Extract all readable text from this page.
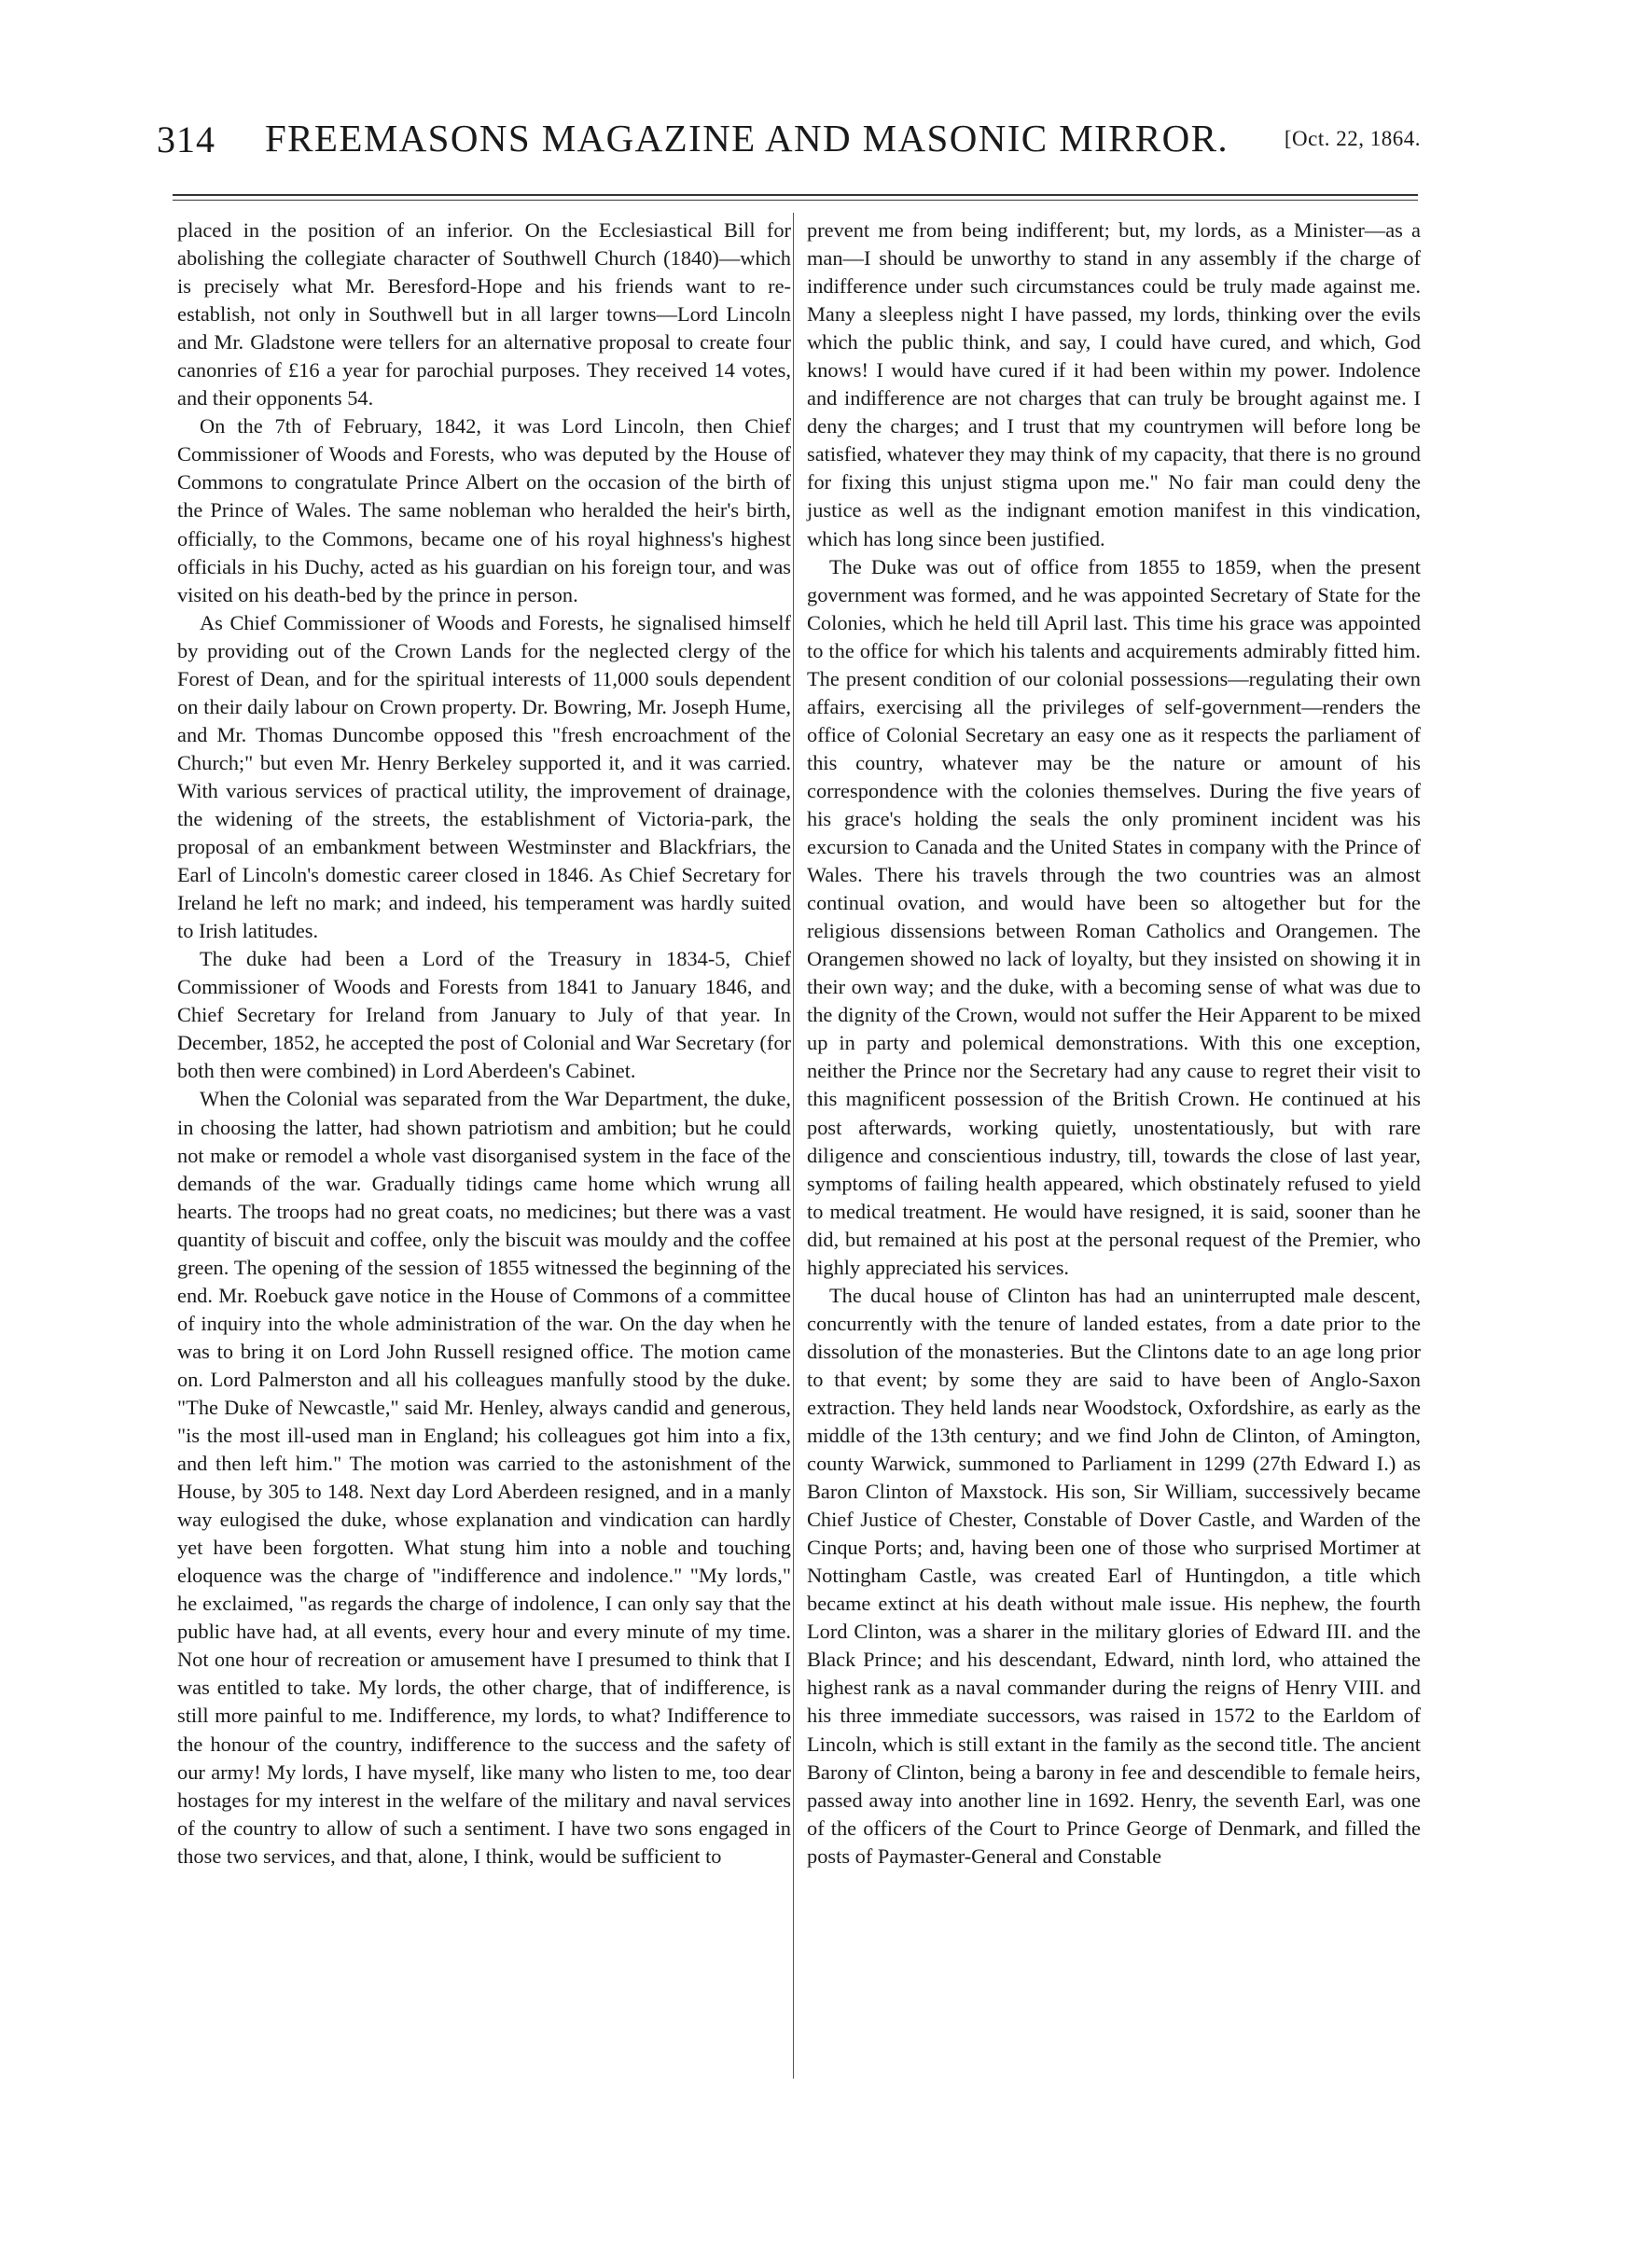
314	FREEMASONS MAGAZINE AND MASONIC MIRROR.	[Oct. 22, 1864.

placed in the position of an inferior. On the Ecclesiastical Bill for abolishing the collegiate character of Southwell Church (1840)—which is precisely what Mr. Beresford-Hope and his friends want to re-establish, not only in Southwell but in all larger towns—Lord Lincoln and Mr. Gladstone were tellers for an alternative proposal to create four canonries of £16 a year for parochial purposes. They received 14 votes, and their opponents 54.

On the 7th of February, 1842, it was Lord Lincoln, then Chief Commissioner of Woods and Forests, who was deputed by the House of Commons to congratulate Prince Albert on the occasion of the birth of the Prince of Wales. The same nobleman who heralded the heir's birth, officially, to the Commons, became one of his royal highness's highest officials in his Duchy, acted as his guardian on his foreign tour, and was visited on his death-bed by the prince in person.

As Chief Commissioner of Woods and Forests, he signalised himself by providing out of the Crown Lands for the neglected clergy of the Forest of Dean, and for the spiritual interests of 11,000 souls dependent on their daily labour on Crown property. Dr. Bowring, Mr. Joseph Hume, and Mr. Thomas Duncombe opposed this "fresh encroachment of the Church;" but even Mr. Henry Berkeley supported it, and it was carried. With various services of practical utility, the improvement of drainage, the widening of the streets, the establishment of Victoria-park, the proposal of an embankment between Westminster and Blackfriars, the Earl of Lincoln's domestic career closed in 1846. As Chief Secretary for Ireland he left no mark; and indeed, his temperament was hardly suited to Irish latitudes.

The duke had been a Lord of the Treasury in 1834-5, Chief Commissioner of Woods and Forests from 1841 to January 1846, and Chief Secretary for Ireland from January to July of that year. In December, 1852, he accepted the post of Colonial and War Secretary (for both then were combined) in Lord Aberdeen's Cabinet.

When the Colonial was separated from the War Department, the duke, in choosing the latter, had shown patriotism and ambition; but he could not make or remodel a whole vast disorganised system in the face of the demands of the war. Gradually tidings came home which wrung all hearts. The troops had no great coats, no medicines; but there was a vast quantity of biscuit and coffee, only the biscuit was mouldy and the coffee green. The opening of the session of 1855 witnessed the beginning of the end. Mr. Roebuck gave notice in the House of Commons of a committee of inquiry into the whole administration of the war. On the day when he was to bring it on Lord John Russell resigned office. The motion came on. Lord Palmerston and all his colleagues manfully stood by the duke. "The Duke of Newcastle," said Mr. Henley, always candid and generous, "is the most ill-used man in England; his colleagues got him into a fix, and then left him." The motion was carried to the astonishment of the House, by 305 to 148. Next day Lord Aberdeen resigned, and in a manly way eulogised the duke, whose explanation and vindication can hardly yet have been forgotten. What stung him into a noble and touching eloquence was the charge of "indifference and indolence." "My lords," he exclaimed, "as regards the charge of indolence, I can only say that the public have had, at all events, every hour and every minute of my time. Not one hour of recreation or amusement have I presumed to think that I was entitled to take. My lords, the other charge, that of indifference, is still more painful to me. Indifference, my lords, to what? Indifference to the honour of the country, indifference to the success and the safety of our army! My lords, I have myself, like many who listen to me, too dear hostages for my interest in the welfare of the military and naval services of the country to allow of such a sentiment. I have two sons engaged in those two services, and that, alone, I think, would be sufficient to

prevent me from being indifferent; but, my lords, as a Minister—as a man—I should be unworthy to stand in any assembly if the charge of indifference under such circumstances could be truly made against me. Many a sleepless night I have passed, my lords, thinking over the evils which the public think, and say, I could have cured, and which, God knows! I would have cured if it had been within my power. Indolence and indifference are not charges that can truly be brought against me. I deny the charges; and I trust that my countrymen will before long be satisfied, whatever they may think of my capacity, that there is no ground for fixing this unjust stigma upon me." No fair man could deny the justice as well as the indignant emotion manifest in this vindication, which has long since been justified.

The Duke was out of office from 1855 to 1859, when the present government was formed, and he was appointed Secretary of State for the Colonies, which he held till April last. This time his grace was appointed to the office for which his talents and acquirements admirably fitted him. The present condition of our colonial possessions—regulating their own affairs, exercising all the privileges of self-government—renders the office of Colonial Secretary an easy one as it respects the parliament of this country, whatever may be the nature or amount of his correspondence with the colonies themselves. During the five years of his grace's holding the seals the only prominent incident was his excursion to Canada and the United States in company with the Prince of Wales. There his travels through the two countries was an almost continual ovation, and would have been so altogether but for the religious dissensions between Roman Catholics and Orangemen. The Orangemen showed no lack of loyalty, but they insisted on showing it in their own way; and the duke, with a becoming sense of what was due to the dignity of the Crown, would not suffer the Heir Apparent to be mixed up in party and polemical demonstrations. With this one exception, neither the Prince nor the Secretary had any cause to regret their visit to this magnificent possession of the British Crown. He continued at his post afterwards, working quietly, unostentatiously, but with rare diligence and conscientious industry, till, towards the close of last year, symptoms of failing health appeared, which obstinately refused to yield to medical treatment. He would have resigned, it is said, sooner than he did, but remained at his post at the personal request of the Premier, who highly appreciated his services.

The ducal house of Clinton has had an uninterrupted male descent, concurrently with the tenure of landed estates, from a date prior to the dissolution of the monasteries. But the Clintons date to an age long prior to that event; by some they are said to have been of Anglo-Saxon extraction. They held lands near Woodstock, Oxfordshire, as early as the middle of the 13th century; and we find John de Clinton, of Amington, county Warwick, summoned to Parliament in 1299 (27th Edward I.) as Baron Clinton of Maxstock. His son, Sir William, successively became Chief Justice of Chester, Constable of Dover Castle, and Warden of the Cinque Ports; and, having been one of those who surprised Mortimer at Nottingham Castle, was created Earl of Huntingdon, a title which became extinct at his death without male issue. His nephew, the fourth Lord Clinton, was a sharer in the military glories of Edward III. and the Black Prince; and his descendant, Edward, ninth lord, who attained the highest rank as a naval commander during the reigns of Henry VIII. and his three immediate successors, was raised in 1572 to the Earldom of Lincoln, which is still extant in the family as the second title. The ancient Barony of Clinton, being a barony in fee and descendible to female heirs, passed away into another line in 1692. Henry, the seventh Earl, was one of the officers of the Court to Prince George of Denmark, and filled the posts of Paymaster-General and Constable
